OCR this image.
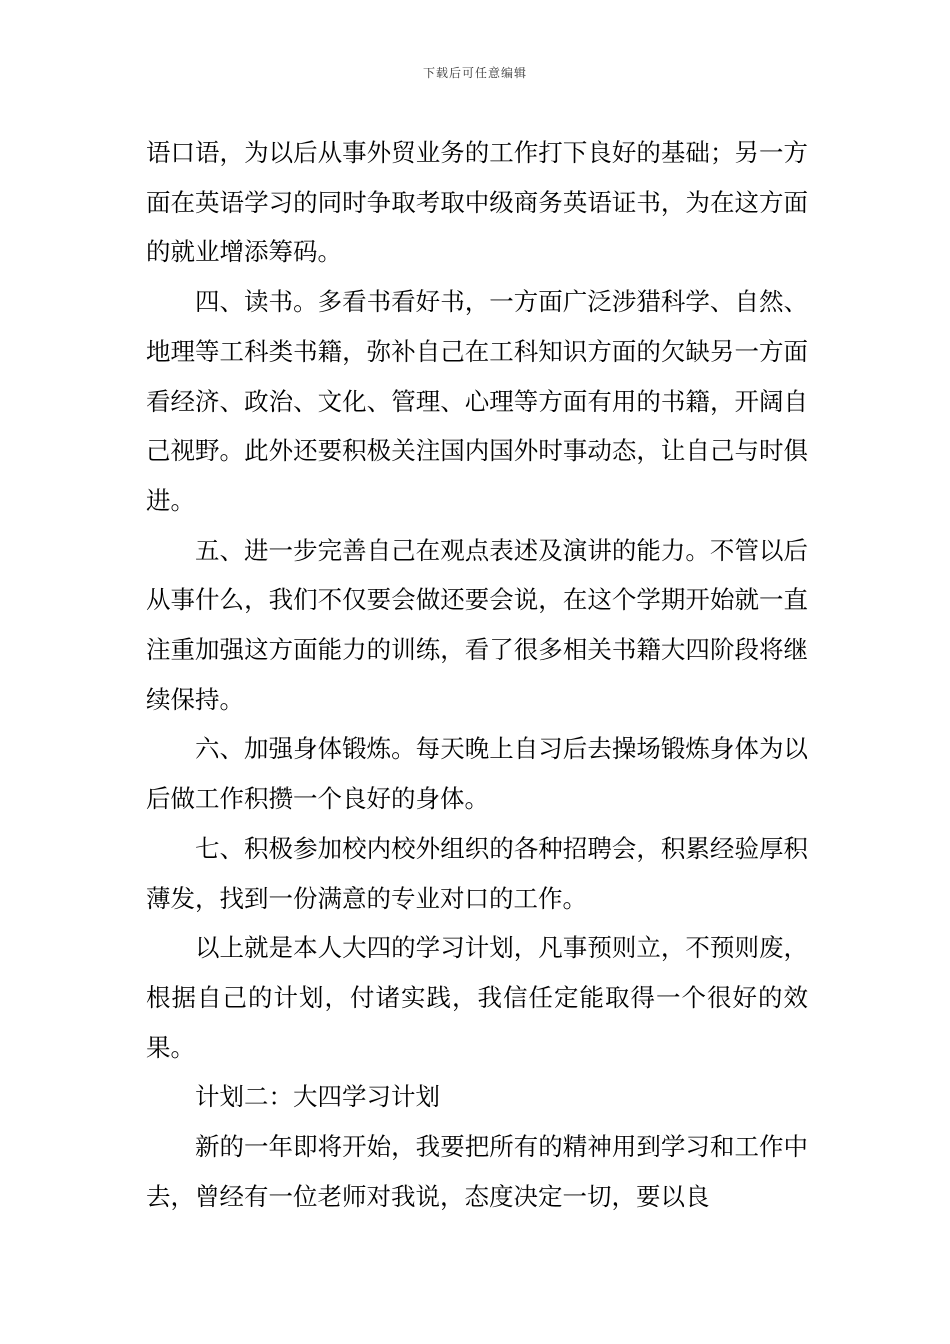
下载后可任意编辑

语口语，为以后从事外贸业务的工作打下良好的基础；另一方面在英语学习的同时争取考取中级商务英语证书，为在这方面的就业增添筹码。

四、读书。多看书看好书，一方面广泛涉猎科学、自然、地理等工科类书籍，弥补自己在工科知识方面的欠缺另一方面看经济、政治、文化、管理、心理等方面有用的书籍，开阔自己视野。此外还要积极关注国内国外时事动态，让自己与时俱进。

五、进一步完善自己在观点表述及演讲的能力。不管以后从事什么，我们不仅要会做还要会说，在这个学期开始就一直注重加强这方面能力的训练，看了很多相关书籍大四阶段将继续保持。

六、加强身体锻炼。每天晚上自习后去操场锻炼身体为以后做工作积攒一个良好的身体。

七、积极参加校内校外组织的各种招聘会，积累经验厚积薄发，找到一份满意的专业对口的工作。

以上就是本人大四的学习计划，凡事预则立，不预则废，根据自己的计划，付诸实践，我信任定能取得一个很好的效果。

计划二：大四学习计划

新的一年即将开始，我要把所有的精神用到学习和工作中去，曾经有一位老师对我说，态度决定一切，要以良
